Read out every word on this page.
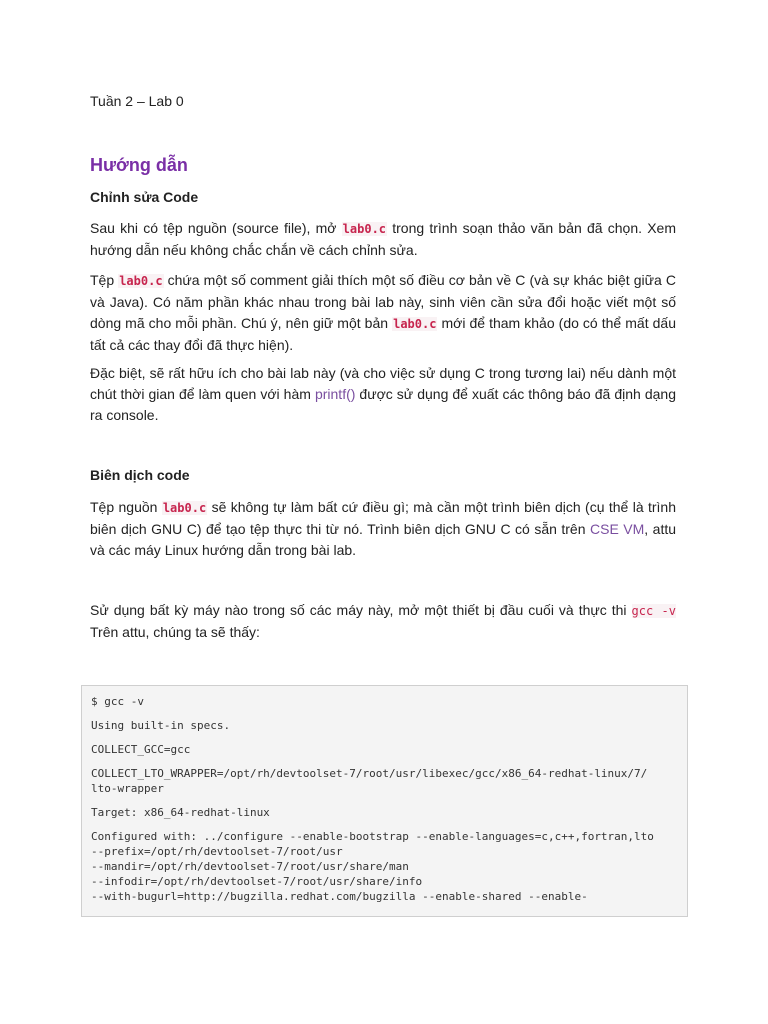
Tuần 2 – Lab 0
Hướng dẫn
Chỉnh sửa Code
Sau khi có tệp nguồn (source file), mở lab0.c trong trình soạn thảo văn bản đã chọn. Xem hướng dẫn nếu không chắc chắn về cách chỉnh sửa.
Tệp lab0.c chứa một số comment giải thích một số điều cơ bản về C (và sự khác biệt giữa C và Java). Có năm phần khác nhau trong bài lab này, sinh viên cần sửa đổi hoặc viết một số dòng mã cho mỗi phần. Chú ý, nên giữ một bản lab0.c mới để tham khảo (do có thể mất dấu tất cả các thay đổi đã thực hiện).
Đặc biệt, sẽ rất hữu ích cho bài lab này (và cho việc sử dụng C trong tương lai) nếu dành một chút thời gian để làm quen với hàm printf() được sử dụng để xuất các thông báo đã định dạng ra console.
Biên dịch code
Tệp nguồn lab0.c sẽ không tự làm bất cứ điều gì; mà cần một trình biên dịch (cụ thể là trình biên dịch GNU C) để tạo tệp thực thi từ nó. Trình biên dịch GNU C có sẵn trên CSE VM, attu và các máy Linux hướng dẫn trong bài lab.
Sử dụng bất kỳ máy nào trong số các máy này, mở một thiết bị đầu cuối và thực thi gcc -v Trên attu, chúng ta sẽ thấy:
$ gcc -v
Using built-in specs.
COLLECT_GCC=gcc
COLLECT_LTO_WRAPPER=/opt/rh/devtoolset-7/root/usr/libexec/gcc/x86_64-redhat-linux/7/
lto-wrapper
Target: x86_64-redhat-linux
Configured with: ../configure --enable-bootstrap --enable-languages=c,c++,fortran,lto
--prefix=/opt/rh/devtoolset-7/root/usr
--mandir=/opt/rh/devtoolset-7/root/usr/share/man
--infodir=/opt/rh/devtoolset-7/root/usr/share/info
--with-bugurl=http://bugzilla.redhat.com/bugzilla --enable-shared --enable-
